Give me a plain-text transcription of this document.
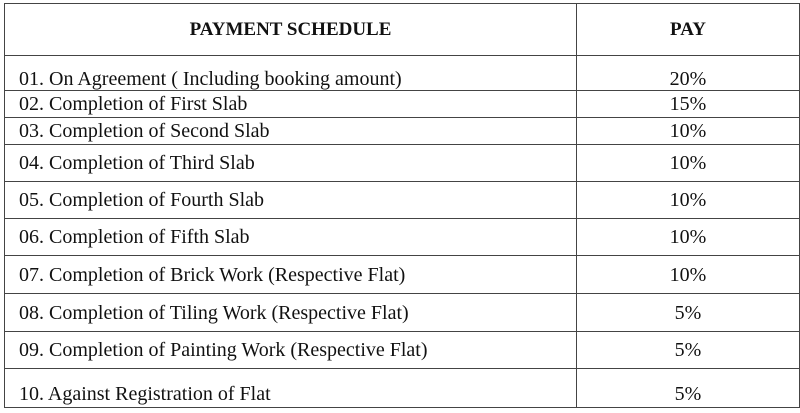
PAYMENT SCHEDULE	PAY
01. On Agreement ( Including booking amount)	20%
02. Completion of First Slab	15%
03. Completion of Second Slab	10%
04. Completion of Third Slab	10%
05. Completion of Fourth Slab	10%
06. Completion of Fifth Slab	10%
07. Completion of Brick Work (Respective Flat)	10%
08. Completion of Tiling Work (Respective Flat)	5%
09. Completion of Painting Work (Respective Flat)	5%
10. Against Registration of Flat	5%
